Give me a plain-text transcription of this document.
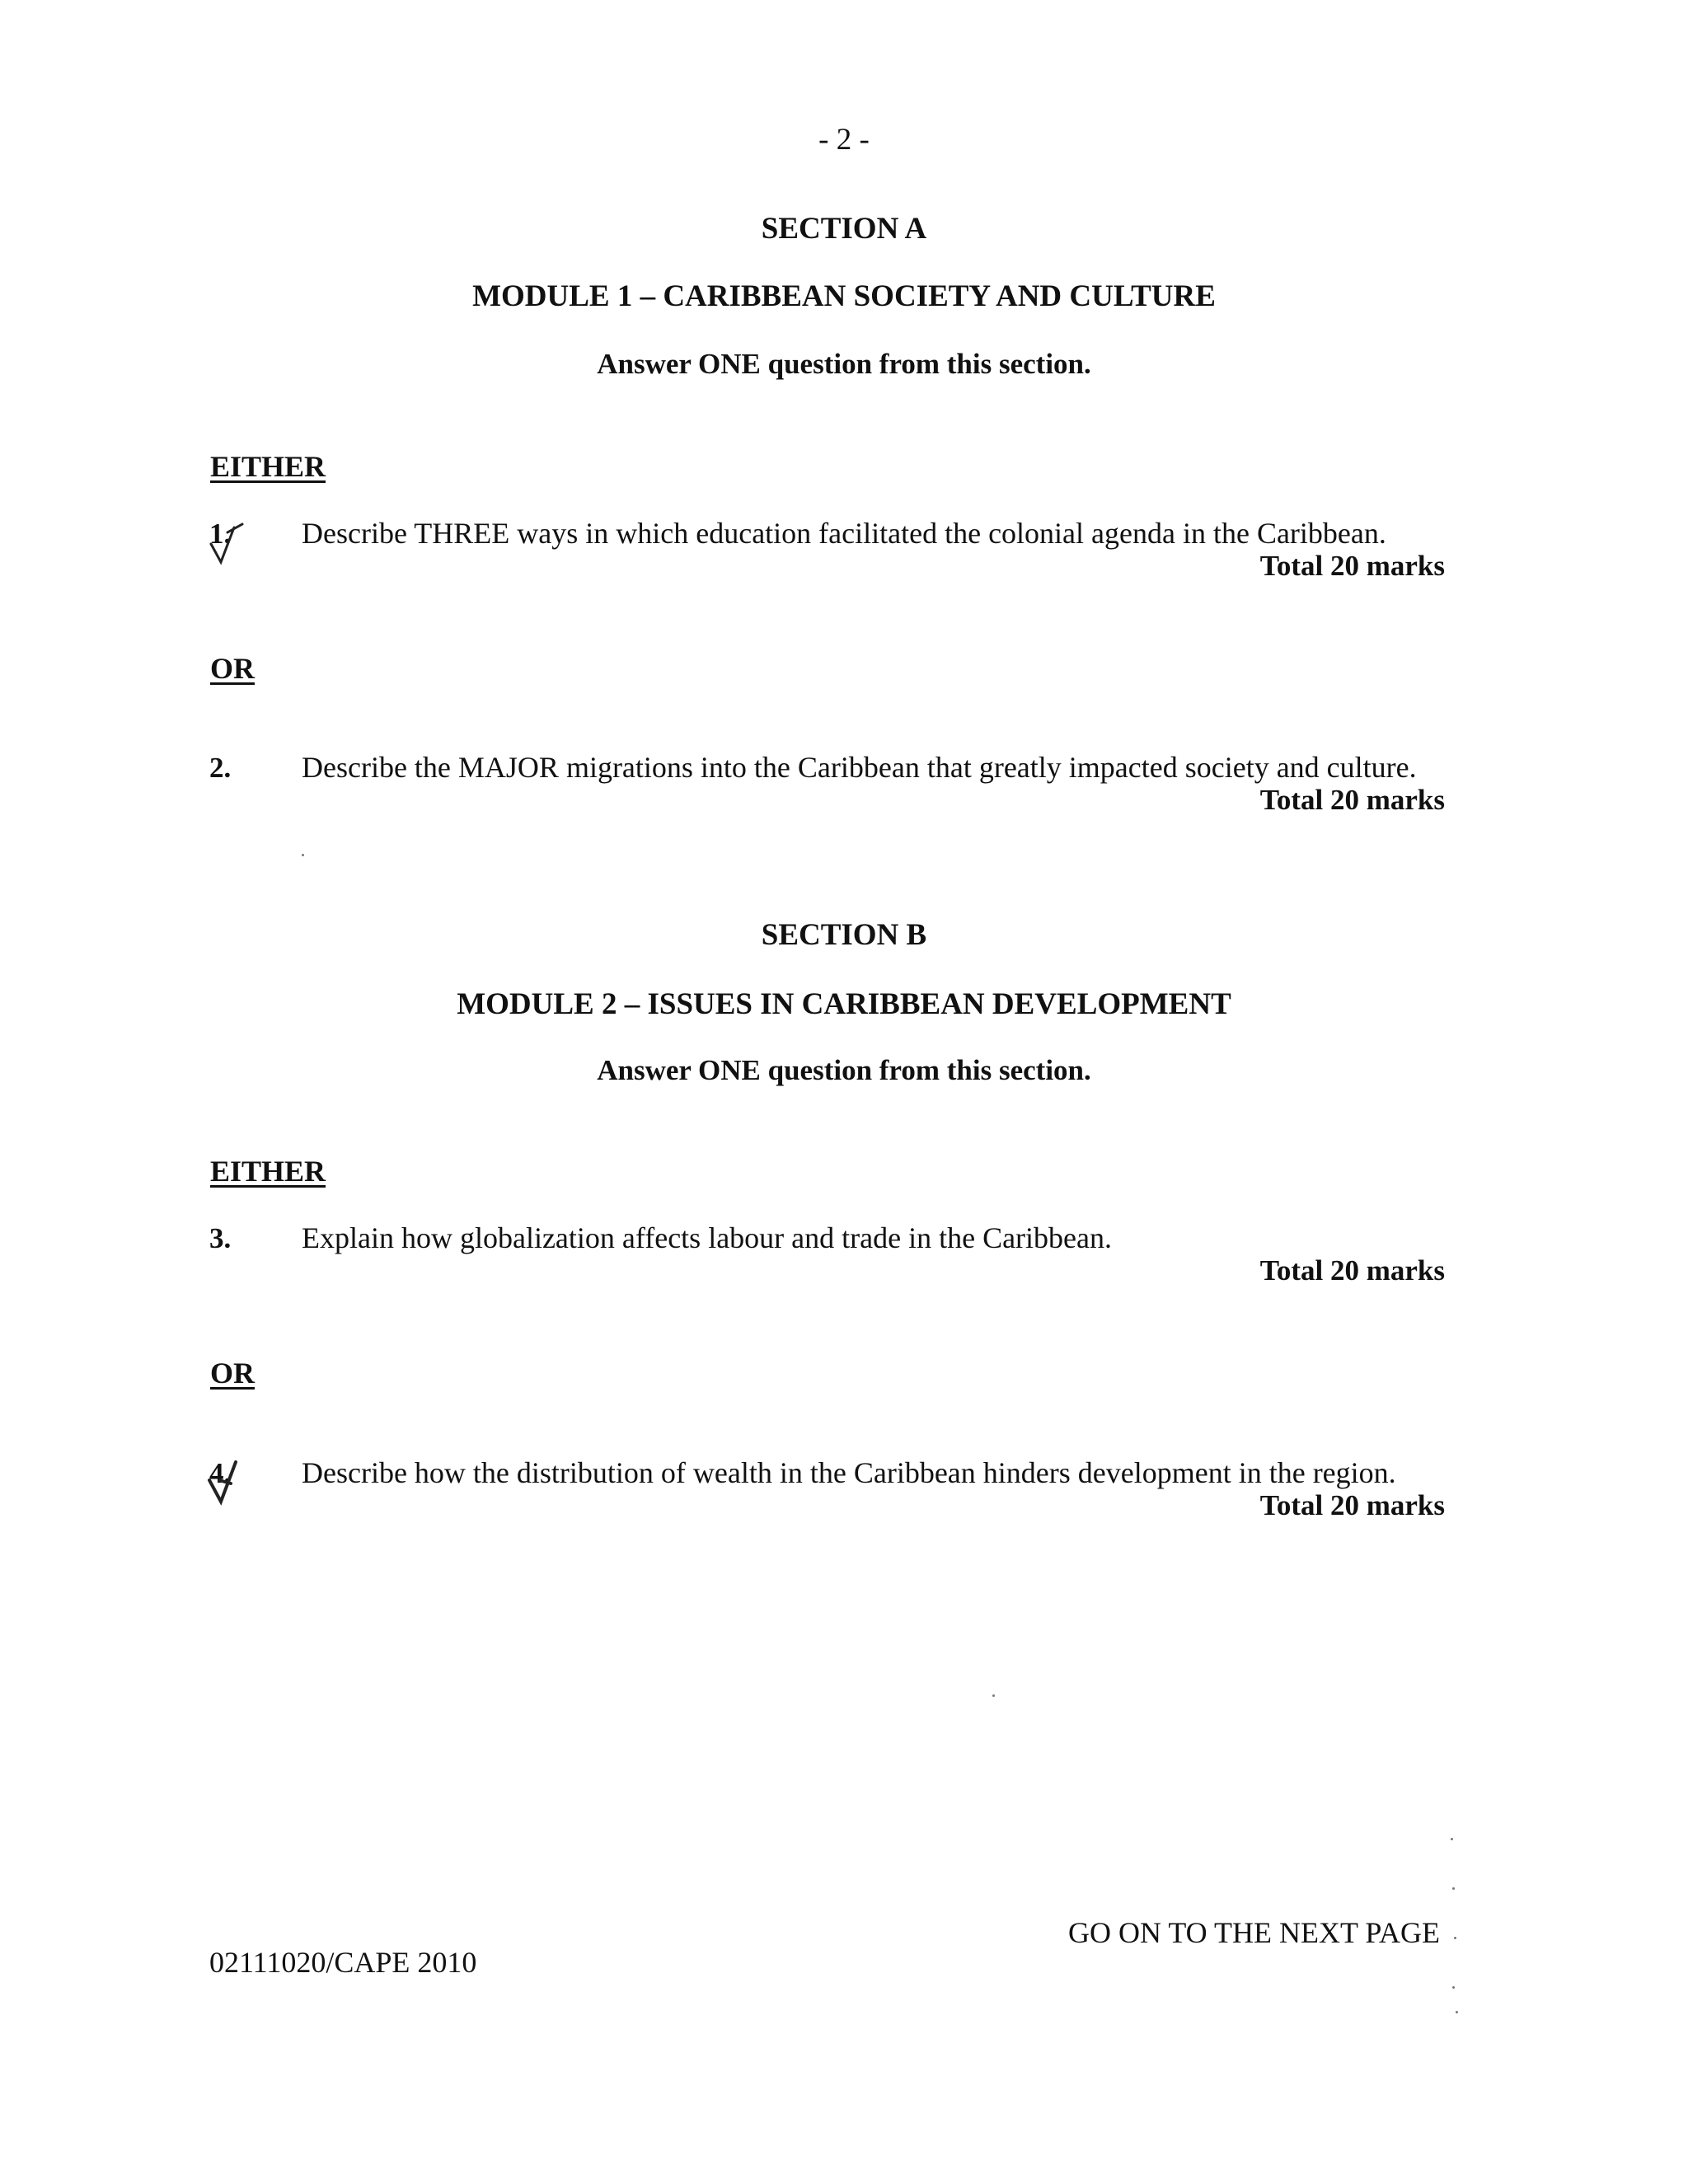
- 2 -
SECTION A
MODULE 1 – CARIBBEAN SOCIETY AND CULTURE
Answer ONE question from this section.
EITHER
1. Describe THREE ways in which education facilitated the colonial agenda in the Caribbean.
Total 20 marks
OR
2. Describe the MAJOR migrations into the Caribbean that greatly impacted society and culture.
Total 20 marks
SECTION B
MODULE 2 – ISSUES IN CARIBBEAN DEVELOPMENT
Answer ONE question from this section.
EITHER
3. Explain how globalization affects labour and trade in the Caribbean.
Total 20 marks
OR
4. Describe how the distribution of wealth in the Caribbean hinders development in the region.
Total 20 marks
02111020/CAPE 2010
GO ON TO THE NEXT PAGE
